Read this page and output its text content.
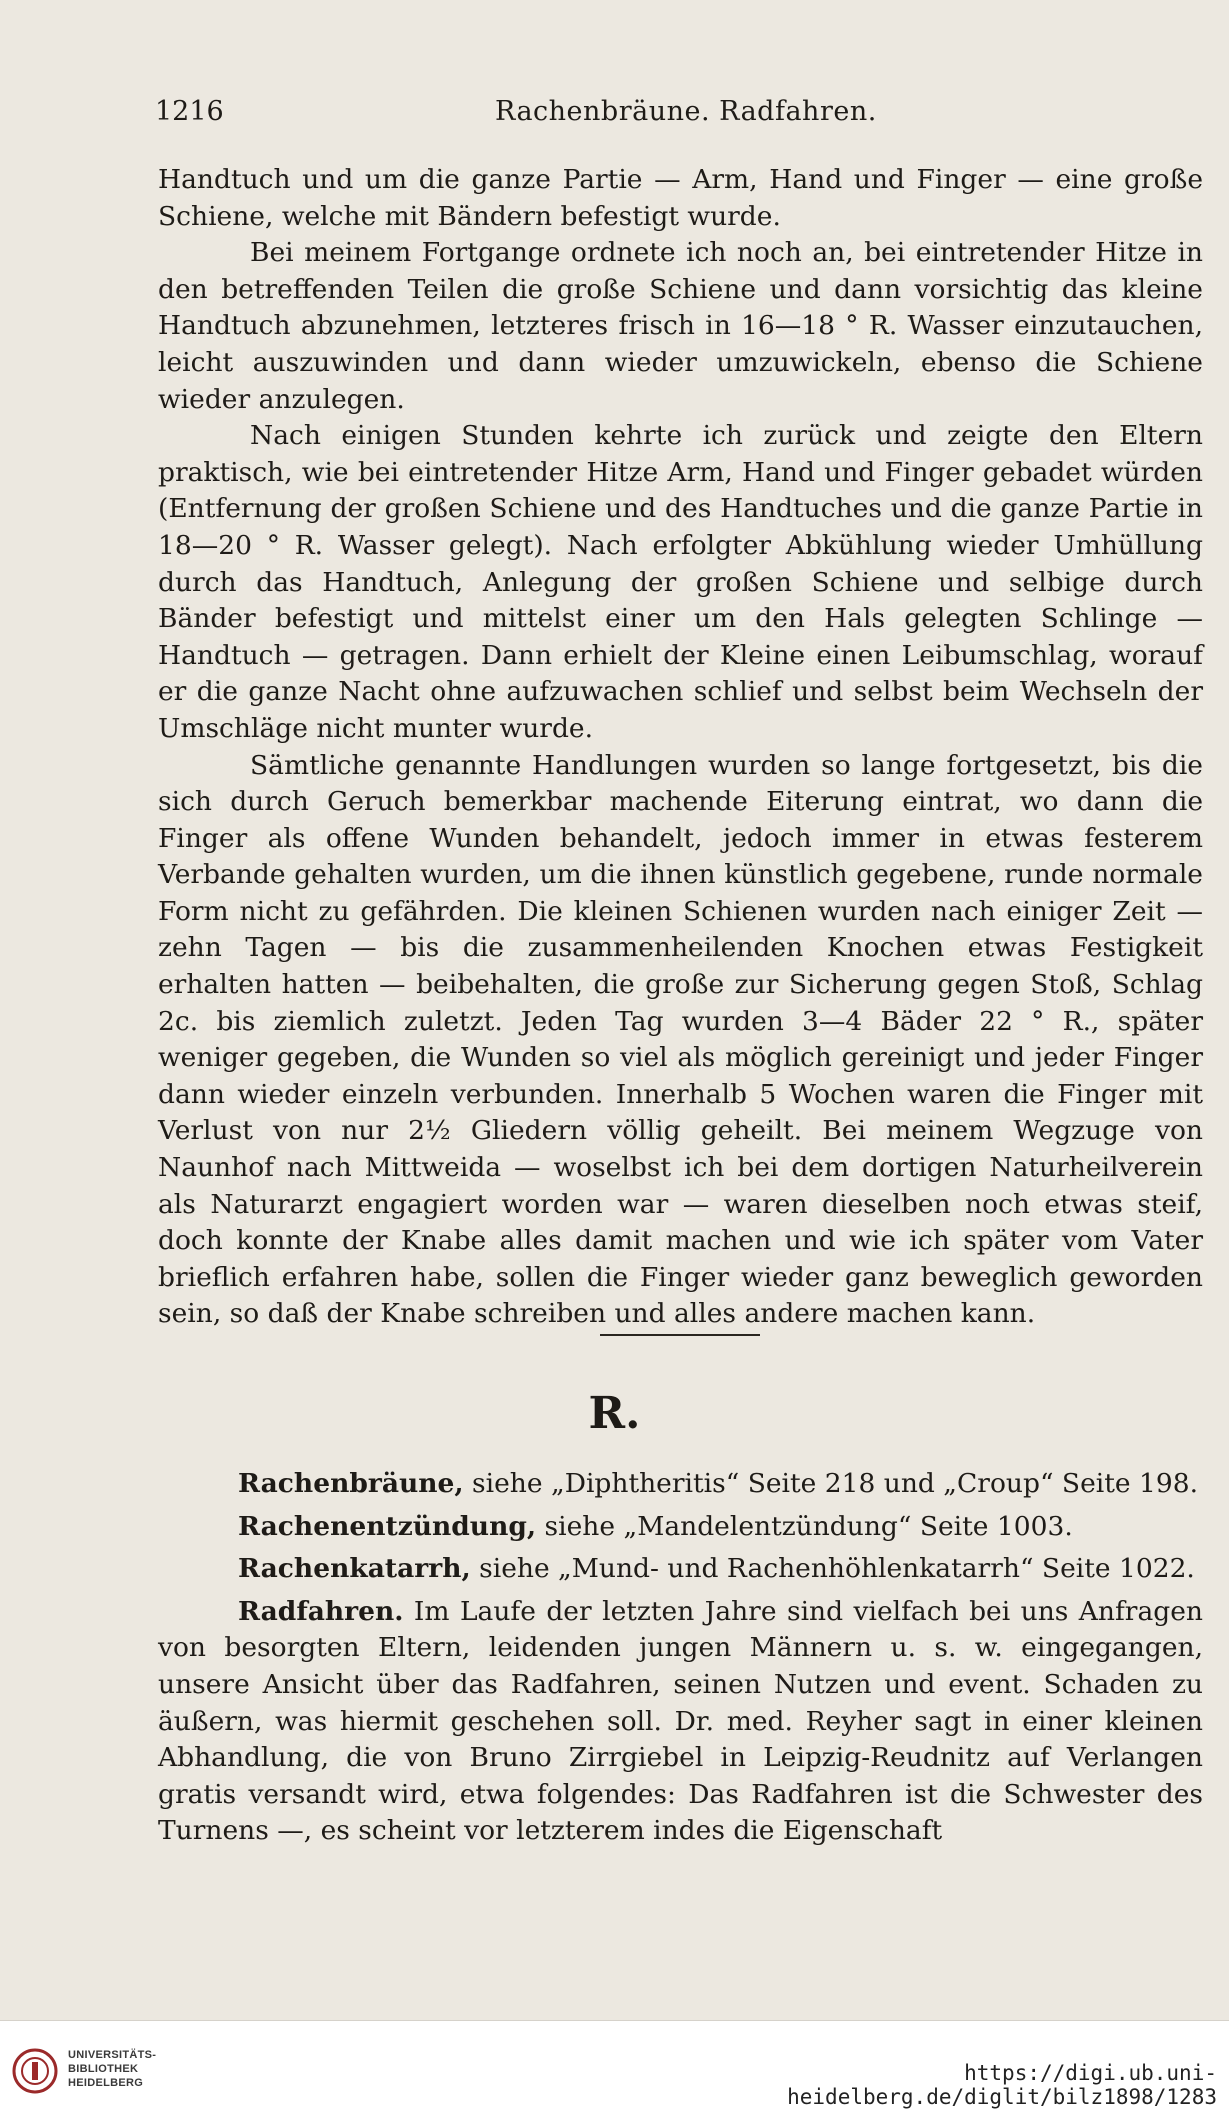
1216	Rachenbräune. Radfahren.

Handtuch und um die ganze Partie — Arm, Hand und Finger — eine große Schiene, welche mit Bändern befestigt wurde.

Bei meinem Fortgange ordnete ich noch an, bei eintretender Hitze in den betreffenden Teilen die große Schiene und dann vorsichtig das kleine Handtuch abzunehmen, letzteres frisch in 16—18 ° R. Wasser einzutauchen, leicht auszuwinden und dann wieder umzuwickeln, ebenso die Schiene wieder anzulegen.

Nach einigen Stunden kehrte ich zurück und zeigte den Eltern praktisch, wie bei eintretender Hitze Arm, Hand und Finger gebadet würden (Entfernung der großen Schiene und des Handtuches und die ganze Partie in 18—20 ° R. Wasser gelegt). Nach erfolgter Abkühlung wieder Umhüllung durch das Handtuch, Anlegung der großen Schiene und selbige durch Bänder befestigt und mittelst einer um den Hals gelegten Schlinge — Handtuch — getragen. Dann erhielt der Kleine einen Leibumschlag, worauf er die ganze Nacht ohne aufzuwachen schlief und selbst beim Wechseln der Umschläge nicht munter wurde.

Sämtliche genannte Handlungen wurden so lange fortgesetzt, bis die sich durch Geruch bemerkbar machende Eiterung eintrat, wo dann die Finger als offene Wunden behandelt, jedoch immer in etwas festerem Verbande gehalten wurden, um die ihnen künstlich gegebene, runde normale Form nicht zu gefährden. Die kleinen Schienen wurden nach einiger Zeit — zehn Tagen — bis die zusammenheilenden Knochen etwas Festigkeit erhalten hatten — beibehalten, die große zur Sicherung gegen Stoß, Schlag 2c. bis ziemlich zuletzt. Jeden Tag wurden 3—4 Bäder 22 ° R., später weniger gegeben, die Wunden so viel als möglich gereinigt und jeder Finger dann wieder einzeln verbunden. Innerhalb 5 Wochen waren die Finger mit Verlust von nur 2½ Gliedern völlig geheilt. Bei meinem Wegzuge von Naunhof nach Mittweida — woselbst ich bei dem dortigen Naturheilverein als Naturarzt engagiert worden war — waren dieselben noch etwas steif, doch konnte der Knabe alles damit machen und wie ich später vom Vater brieflich erfahren habe, sollen die Finger wieder ganz beweglich geworden sein, so daß der Knabe schreiben und alles andere machen kann.

R.

Rachenbräune, siehe „Diphtheritis“ Seite 218 und „Croup“ Seite 198.

Rachenentzündung, siehe „Mandelentzündung“ Seite 1003.

Rachenkatarrh, siehe „Mund- und Rachenhöhlenkatarrh“ Seite 1022.

Radfahren. Im Laufe der letzten Jahre sind vielfach bei uns Anfragen von besorgten Eltern, leidenden jungen Männern u. s. w. eingegangen, unsere Ansicht über das Radfahren, seinen Nutzen und event. Schaden zu äußern, was hiermit geschehen soll. Dr. med. Reyher sagt in einer kleinen Abhandlung, die von Bruno Zirrgiebel in Leipzig-Reudnitz auf Verlangen gratis versandt wird, etwa folgendes: Das Radfahren ist die Schwester des Turnens —, es scheint vor letzterem indes die Eigenschaft

UNIVERSITÄTS-
BIBLIOTHEK
HEIDELBERG	https://digi.ub.uni-heidelberg.de/diglit/bilz1898/1283
